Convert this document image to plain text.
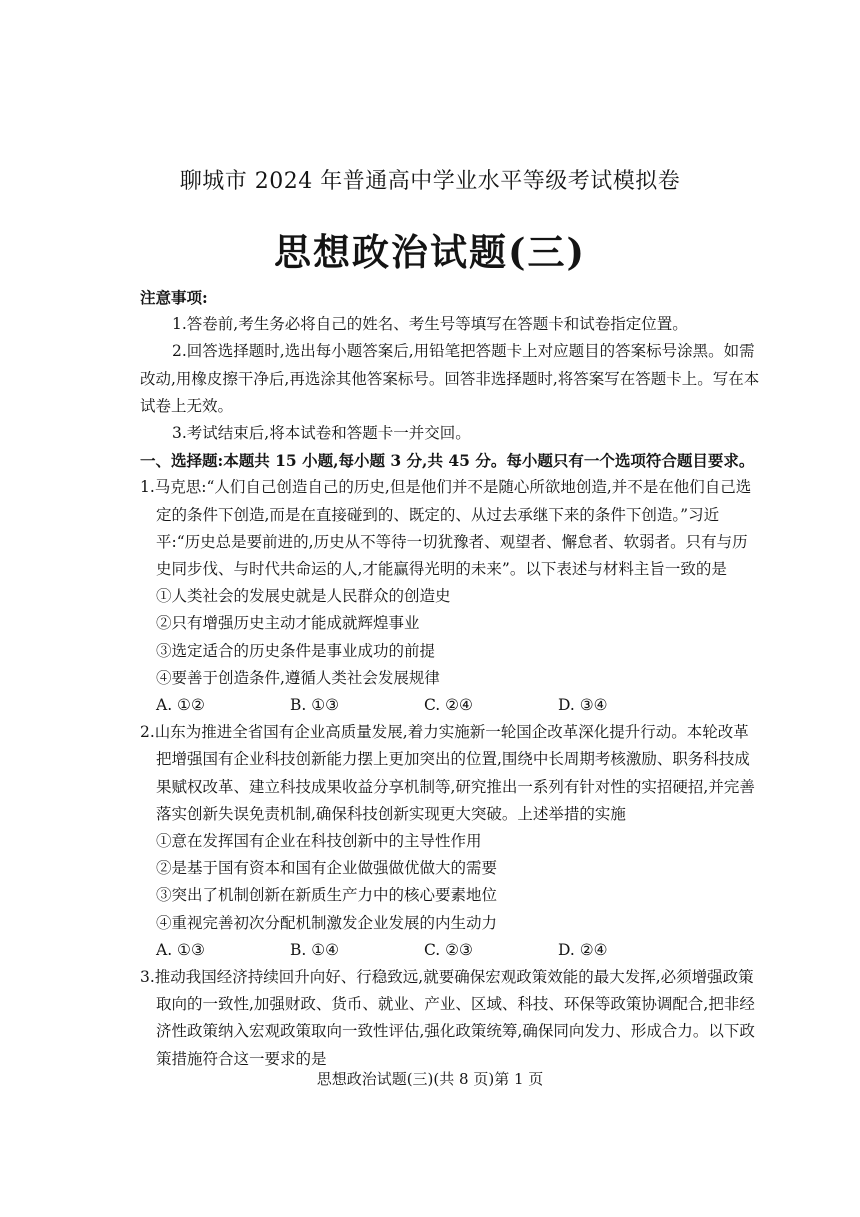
聊城市 2024 年普通高中学业水平等级考试模拟卷
思想政治试题(三)

注意事项:

1.答卷前,考生务必将自己的姓名、考生号等填写在答题卡和试卷指定位置。

2.回答选择题时,选出每小题答案后,用铅笔把答题卡上对应题目的答案标号涂黑。如需改动,用橡皮擦干净后,再选涂其他答案标号。回答非选择题时,将答案写在答题卡上。写在本试卷上无效。

3.考试结束后,将本试卷和答题卡一并交回。

一、选择题:本题共 15 小题,每小题 3 分,共 45 分。每小题只有一个选项符合题目要求。

1.马克思:“人们自己创造自己的历史,但是他们并不是随心所欲地创造,并不是在他们自己选定的条件下创造,而是在直接碰到的、既定的、从过去承继下来的条件下创造。”习近平:“历史总是要前进的,历史从不等待一切犹豫者、观望者、懈怠者、软弱者。只有与历史同步伐、与时代共命运的人,才能赢得光明的未来”。以下表述与材料主旨一致的是

①人类社会的发展史就是人民群众的创造史

②只有增强历史主动才能成就辉煌事业

③选定适合的历史条件是事业成功的前提

④要善于创造条件,遵循人类社会发展规律

A. ①②	B. ①③	C. ②④	D. ③④

2.山东为推进全省国有企业高质量发展,着力实施新一轮国企改革深化提升行动。本轮改革把增强国有企业科技创新能力摆上更加突出的位置,围绕中长周期考核激励、职务科技成果赋权改革、建立科技成果收益分享机制等,研究推出一系列有针对性的实招硬招,并完善落实创新失误免责机制,确保科技创新实现更大突破。上述举措的实施

①意在发挥国有企业在科技创新中的主导性作用

②是基于国有资本和国有企业做强做优做大的需要

③突出了机制创新在新质生产力中的核心要素地位

④重视完善初次分配机制激发企业发展的内生动力

A. ①③	B. ①④	C. ②③	D. ②④

3.推动我国经济持续回升向好、行稳致远,就要确保宏观政策效能的最大发挥,必须增强政策取向的一致性,加强财政、货币、就业、产业、区域、科技、环保等政策协调配合,把非经济性政策纳入宏观政策取向一致性评估,强化政策统筹,确保同向发力、形成合力。以下政策措施符合这一要求的是

思想政治试题(三)(共 8 页)第 1 页
